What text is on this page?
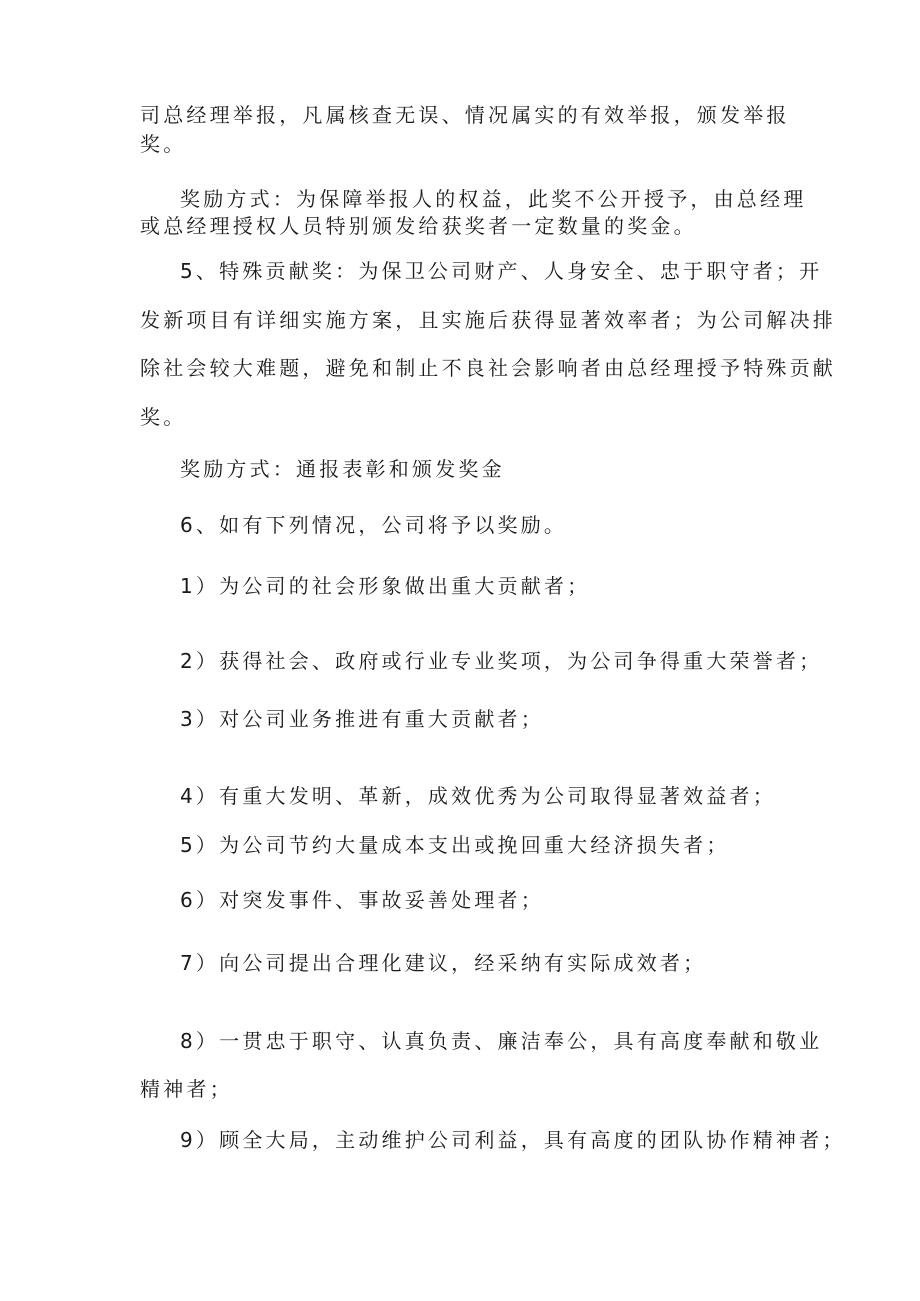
司总经理举报，凡属核查无误、情况属实的有效举报，颁发举报

奖。

奖励方式：为保障举报人的权益，此奖不公开授予，由总经理

或总经理授权人员特别颁发给获奖者一定数量的奖金。

5、特殊贡献奖：为保卫公司财产、人身安全、忠于职守者；开

发新项目有详细实施方案，且实施后获得显著效率者；为公司解决排

除社会较大难题，避免和制止不良社会影响者由总经理授予特殊贡献

奖。

奖励方式：通报表彰和颁发奖金

6、如有下列情况，公司将予以奖励。

1）为公司的社会形象做出重大贡献者；

2）获得社会、政府或行业专业奖项，为公司争得重大荣誉者；

3）对公司业务推进有重大贡献者；

4）有重大发明、革新，成效优秀为公司取得显著效益者；

5）为公司节约大量成本支出或挽回重大经济损失者；

6）对突发事件、事故妥善处理者；

7）向公司提出合理化建议，经采纳有实际成效者；

8）一贯忠于职守、认真负责、廉洁奉公，具有高度奉献和敬业

精神者；

9）顾全大局，主动维护公司利益，具有高度的团队协作精神者；
